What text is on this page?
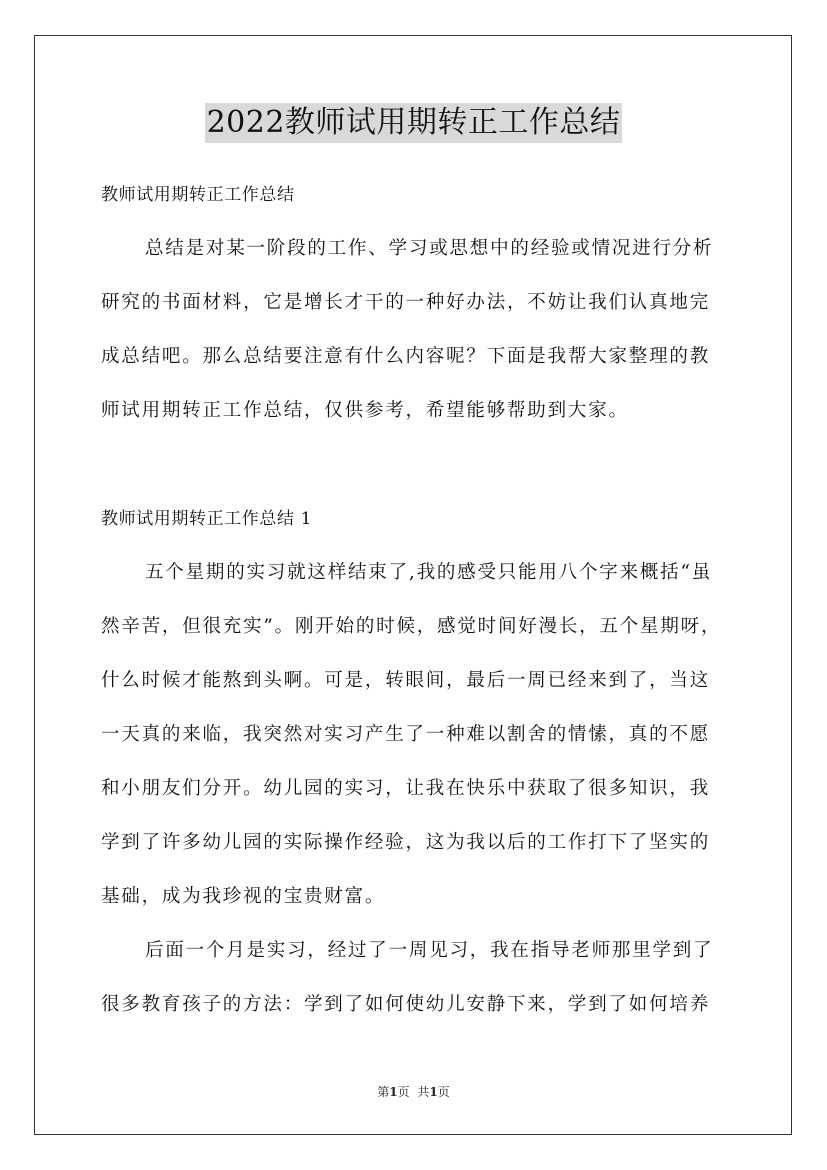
2022教师试用期转正工作总结
教师试用期转正工作总结
总结是对某一阶段的工作、学习或思想中的经验或情况进行分析
研究的书面材料，它是增长才干的一种好办法，不妨让我们认真地完
成总结吧。那么总结要注意有什么内容呢？下面是我帮大家整理的教
师试用期转正工作总结，仅供参考，希望能够帮助到大家。
教师试用期转正工作总结 1
五个星期的实习就这样结束了,我的感受只能用八个字来概括“虽
然辛苦，但很充实”。刚开始的时候，感觉时间好漫长，五个星期呀，
什么时候才能熬到头啊。可是，转眼间，最后一周已经来到了，当这
一天真的来临，我突然对实习产生了一种难以割舍的情愫，真的不愿
和小朋友们分开。幼儿园的实习，让我在快乐中获取了很多知识，我
学到了许多幼儿园的实际操作经验，这为我以后的工作打下了坚实的
基础，成为我珍视的宝贵财富。
后面一个月是实习，经过了一周见习，我在指导老师那里学到了
很多教育孩子的方法：学到了如何使幼儿安静下来，学到了如何培养
第1页 共1页
